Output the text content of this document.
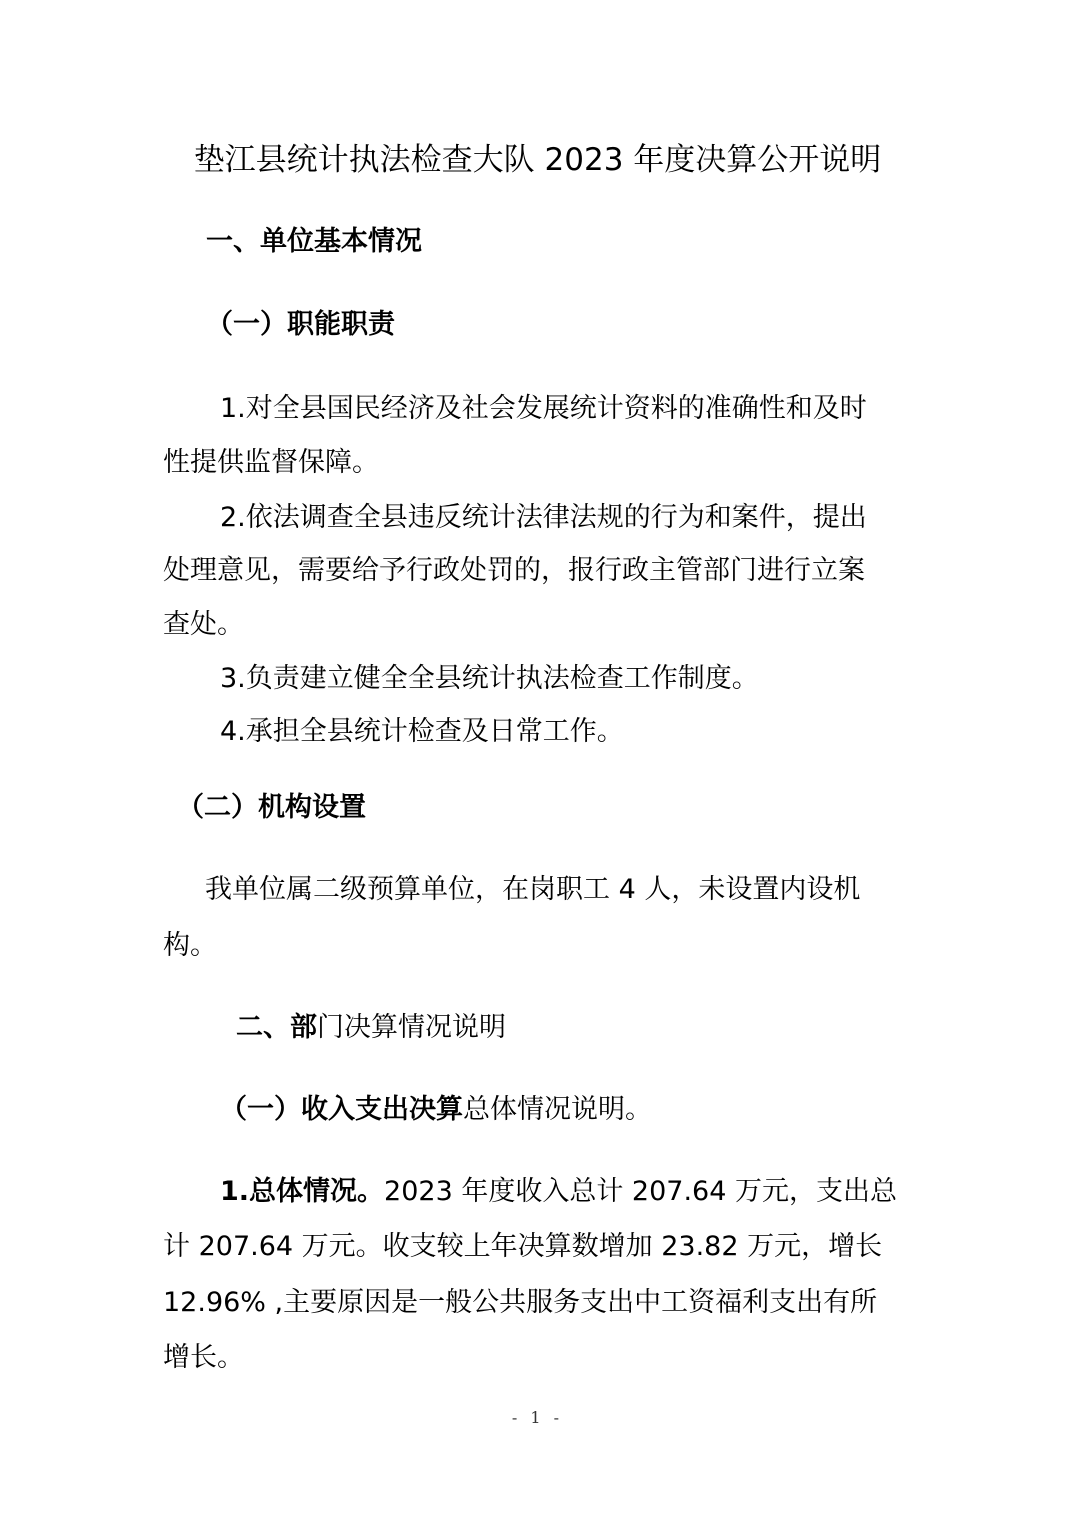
垫江县统计执法检查大队 2023 年度决算公开说明
一、单位基本情况
（一）职能职责
1.对全县国民经济及社会发展统计资料的准确性和及时
性提供监督保障。
2.依法调查全县违反统计法律法规的行为和案件，提出
处理意见，需要给予行政处罚的，报行政主管部门进行立案
查处。
3.负责建立健全全县统计执法检查工作制度。
4.承担全县统计检查及日常工作。
（二）机构设置
我单位属二级预算单位，在岗职工 4 人，未设置内设机
构。
二、部门决算情况说明
（一）收入支出决算总体情况说明。
1.总体情况。2023 年度收入总计 207.64 万元，支出总
计 207.64 万元。收支较上年决算数增加 23.82 万元，增长
12.96% ,主要原因是一般公共服务支出中工资福利支出有所
增长。
- 1 -
